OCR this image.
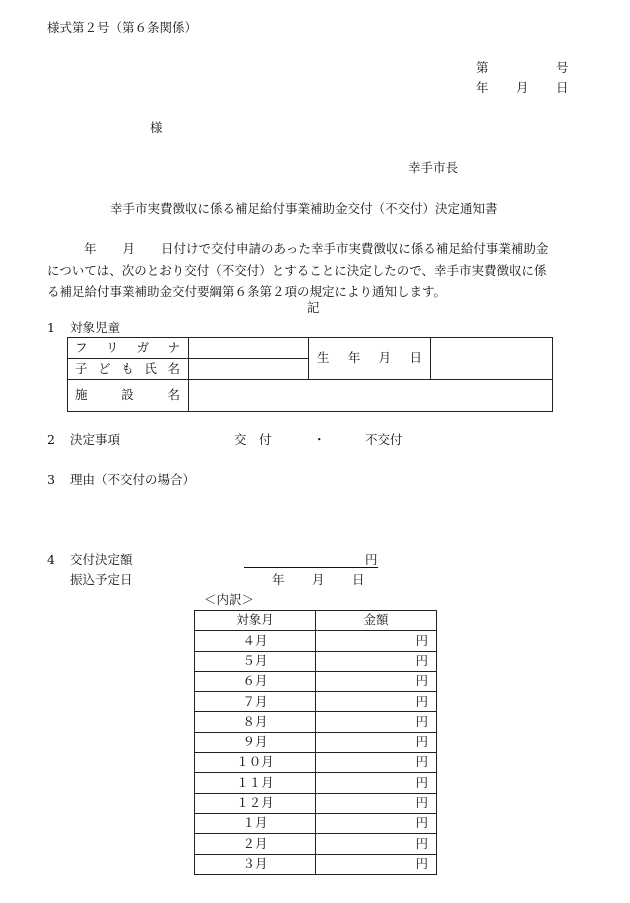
様式第２号（第６条関係）
第	号
年 月 日
様
幸手市長
幸手市実費徴収に係る補足給付事業補助金交付（不交付）決定通知書
年 月 日付けで交付申請のあった幸手市実費徴収に係る補足給付事業補助金
については、次のとおり交付（不交付）とすることに決定したので、幸手市実費徴収に係
る補足給付事業補助金交付要綱第６条第２項の規定により通知します。
記
1 対象児童
フ リ ガ ナ		生 年 月 日	

子 ど も 氏 名			

施 設 名			

2 決定事項	交　付	・	不交付
3 理由（不交付の場合）
4 交付決定額	円
振込予定日	年 月 日
＜内訳＞
対象月	金額
４月	円
５月	円
６月	円
７月	円
８月	円
９月	円
１０月	円
１１月	円
１２月	円
１月	円
２月	円
３月	円
